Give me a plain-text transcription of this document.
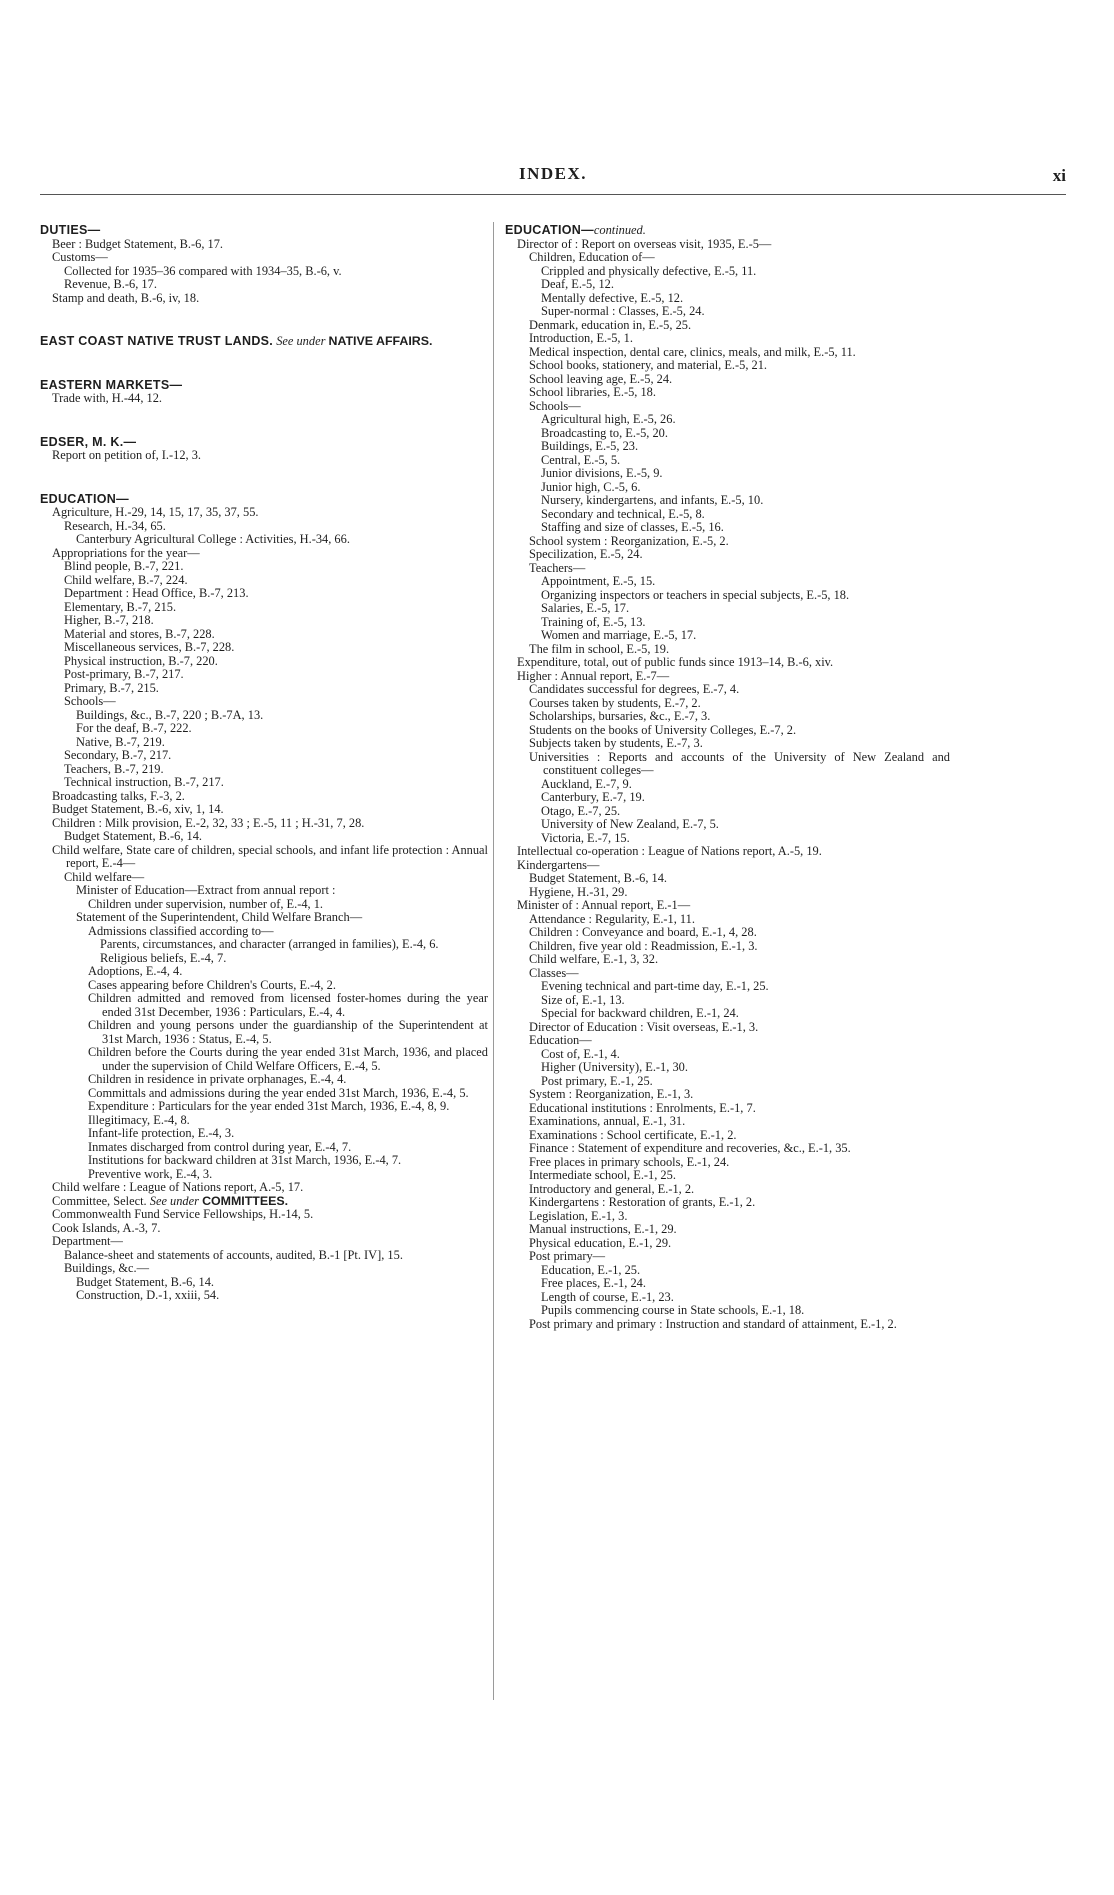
INDEX.	xi
DUTIES—
Beer : Budget Statement, B.-6, 17.
Customs—
Collected for 1935–36 compared with 1934–35, B.-6, v.
Revenue, B.-6, 17.
Stamp and death, B.-6, iv, 18.
EAST COAST NATIVE TRUST LANDS. See under NATIVE AFFAIRS.
EASTERN MARKETS—
Trade with, H.-44, 12.
EDSER, M. K.—
Report on petition of, I.-12, 3.
EDUCATION—
Agriculture, H.-29, 14, 15, 17, 35, 37, 55.
Research, H.-34, 65.
Canterbury Agricultural College : Activities, H.-34, 66.
Appropriations for the year—
Blind people, B.-7, 221.
Child welfare, B.-7, 224.
Department : Head Office, B.-7, 213.
Elementary, B.-7, 215.
Higher, B.-7, 218.
Material and stores, B.-7, 228.
Miscellaneous services, B.-7, 228.
Physical instruction, B.-7, 220.
Post-primary, B.-7, 217.
Primary, B.-7, 215.
Schools—
Buildings, &c., B.-7, 220 ; B.-7A, 13.
For the deaf, B.-7, 222.
Native, B.-7, 219.
Secondary, B.-7, 217.
Teachers, B.-7, 219.
Technical instruction, B.-7, 217.
Broadcasting talks, F.-3, 2.
Budget Statement, B.-6, xiv, 1, 14.
Children : Milk provision, E.-2, 32, 33 ; E.-5, 11 ; H.-31, 7, 28.
Budget Statement, B.-6, 14.
Child welfare, State care of children, special schools, and infant life protection : Annual report, E.-4—
Child welfare—
Minister of Education—Extract from annual report :
Children under supervision, number of, E.-4, 1.
Statement of the Superintendent, Child Welfare Branch—
Admissions classified according to—
Parents, circumstances, and character (arranged in families), E.-4, 6.
Religious beliefs, E.-4, 7.
Adoptions, E.-4, 4.
Cases appearing before Children's Courts, E.-4, 2.
Children admitted and removed from licensed foster-homes during the year ended 31st December, 1936 : Particulars, E.-4, 4.
Children and young persons under the guardianship of the Superintendent at 31st March, 1936 : Status, E.-4, 5.
Children before the Courts during the year ended 31st March, 1936, and placed under the supervision of Child Welfare Officers, E.-4, 5.
Children in residence in private orphanages, E.-4, 4.
Committals and admissions during the year ended 31st March, 1936, E.-4, 5.
Expenditure : Particulars for the year ended 31st March, 1936, E.-4, 8, 9.
Illegitimacy, E.-4, 8.
Infant-life protection, E.-4, 3.
Inmates discharged from control during year, E.-4, 7.
Institutions for backward children at 31st March, 1936, E.-4, 7.
Preventive work, E.-4, 3.
Child welfare : League of Nations report, A.-5, 17.
Committee, Select. See under COMMITTEES.
Commonwealth Fund Service Fellowships, H.-14, 5.
Cook Islands, A.-3, 7.
Department—
Balance-sheet and statements of accounts, audited, B.-1 [Pt. IV], 15.
Buildings, &c.—
Budget Statement, B.-6, 14.
Construction, D.-1, xxiii, 54.
EDUCATION—continued.
Director of : Report on overseas visit, 1935, E.-5—
Children, Education of—
Crippled and physically defective, E.-5, 11.
Deaf, E.-5, 12.
Mentally defective, E.-5, 12.
Super-normal : Classes, E.-5, 24.
Denmark, education in, E.-5, 25.
Introduction, E.-5, 1.
Medical inspection, dental care, clinics, meals, and milk, E.-5, 11.
School books, stationery, and material, E.-5, 21.
School leaving age, E.-5, 24.
School libraries, E.-5, 18.
Schools—
Agricultural high, E.-5, 26.
Broadcasting to, E.-5, 20.
Buildings, E.-5, 23.
Central, E.-5, 5.
Junior divisions, E.-5, 9.
Junior high, C.-5, 6.
Nursery, kindergartens, and infants, E.-5, 10.
Secondary and technical, E.-5, 8.
Staffing and size of classes, E.-5, 16.
School system : Reorganization, E.-5, 2.
Specilization, E.-5, 24.
Teachers—
Appointment, E.-5, 15.
Organizing inspectors or teachers in special subjects, E.-5, 18.
Salaries, E.-5, 17.
Training of, E.-5, 13.
Women and marriage, E.-5, 17.
The film in school, E.-5, 19.
Expenditure, total, out of public funds since 1913–14, B.-6, xiv.
Higher : Annual report, E.-7—
Candidates successful for degrees, E.-7, 4.
Courses taken by students, E.-7, 2.
Scholarships, bursaries, &c., E.-7, 3.
Students on the books of University Colleges, E.-7, 2.
Subjects taken by students, E.-7, 3.
Universities : Reports and accounts of the University of New Zealand and constituent colleges—
Auckland, E.-7, 9.
Canterbury, E.-7, 19.
Otago, E.-7, 25.
University of New Zealand, E.-7, 5.
Victoria, E.-7, 15.
Intellectual co-operation : League of Nations report, A.-5, 19.
Kindergartens—
Budget Statement, B.-6, 14.
Hygiene, H.-31, 29.
Minister of : Annual report, E.-1—
Attendance : Regularity, E.-1, 11.
Children : Conveyance and board, E.-1, 4, 28.
Children, five year old : Readmission, E.-1, 3.
Child welfare, E.-1, 3, 32.
Classes—
Evening technical and part-time day, E.-1, 25.
Size of, E.-1, 13.
Special for backward children, E.-1, 24.
Director of Education : Visit overseas, E.-1, 3.
Education—
Cost of, E.-1, 4.
Higher (University), E.-1, 30.
Post primary, E.-1, 25.
System : Reorganization, E.-1, 3.
Educational institutions : Enrolments, E.-1, 7.
Examinations, annual, E.-1, 31.
Examinations : School certificate, E.-1, 2.
Finance : Statement of expenditure and recoveries, &c., E.-1, 35.
Free places in primary schools, E.-1, 24.
Intermediate school, E.-1, 25.
Introductory and general, E.-1, 2.
Kindergartens : Restoration of grants, E.-1, 2.
Legislation, E.-1, 3.
Manual instructions, E.-1, 29.
Physical education, E.-1, 29.
Post primary—
Education, E.-1, 25.
Free places, E.-1, 24.
Length of course, E.-1, 23.
Pupils commencing course in State schools, E.-1, 18.
Post primary and primary : Instruction and standard of attainment, E.-1, 2.
